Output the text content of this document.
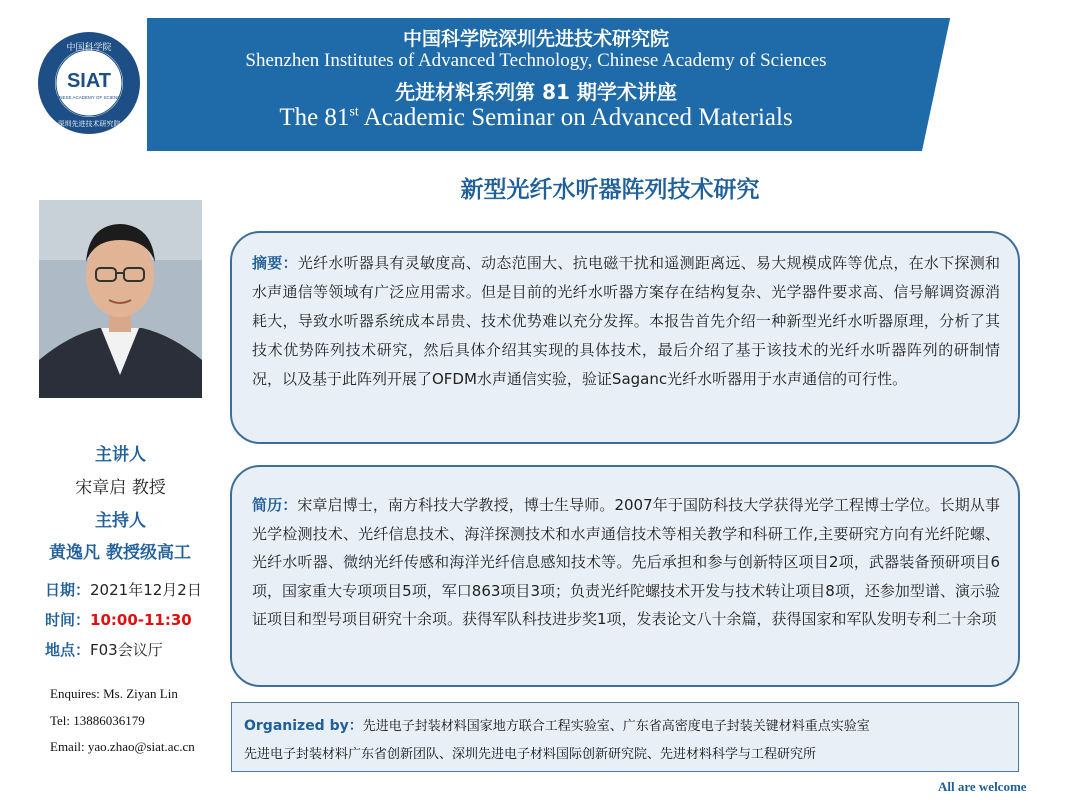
中国科学院
SIAT
CHINESE ACADEMY OF SCIENCES
深圳先进技术研究院
中国科学院深圳先进技术研究院
Shenzhen Institutes of Advanced Technology, Chinese Academy of Sciences
先进材料系列第 81 期学术讲座
The 81st Academic Seminar on Advanced Materials
新型光纤水听器阵列技术研究
主讲人
宋章启 教授
主持人
黄逸凡 教授级高工
日期：2021年12月2日
时间：10:00-11:30
地点：F03会议厅
Enquires: Ms. Ziyan Lin
Tel: 13886036179
Email: yao.zhao@siat.ac.cn
摘要：光纤水听器具有灵敏度高、动态范围大、抗电磁干扰和遥测距离远、易大规模成阵等优点，在水下探测和水声通信等领域有广泛应用需求。但是目前的光纤水听器方案存在结构复杂、光学器件要求高、信号解调资源消耗大，导致水听器系统成本昂贵、技术优势难以充分发挥。本报告首先介绍一种新型光纤水听器原理，分析了其技术优势阵列技术研究，然后具体介绍其实现的具体技术，最后介绍了基于该技术的光纤水听器阵列的研制情况，以及基于此阵列开展了OFDM水声通信实验，验证Saganc光纤水听器用于水声通信的可行性。
简历：宋章启博士，南方科技大学教授，博士生导师。2007年于国防科技大学获得光学工程博士学位。长期从事光学检测技术、光纤信息技术、海洋探测技术和水声通信技术等相关教学和科研工作,主要研究方向有光纤陀螺、光纤水听器、微纳光纤传感和海洋光纤信息感知技术等。先后承担和参与创新特区项目2项，武器装备预研项目6项，国家重大专项项目5项，军口863项目3项；负责光纤陀螺技术开发与技术转让项目8项，还参加型谱、演示验证项目和型号项目研究十余项。获得军队科技进步奖1项，发表论文八十余篇，获得国家和军队发明专利二十余项
Organized by：先进电子封装材料国家地方联合工程实验室、广东省高密度电子封装关键材料重点实验室
先进电子封装材料广东省创新团队、深圳先进电子材料国际创新研究院、先进材料科学与工程研究所
All are welcome
